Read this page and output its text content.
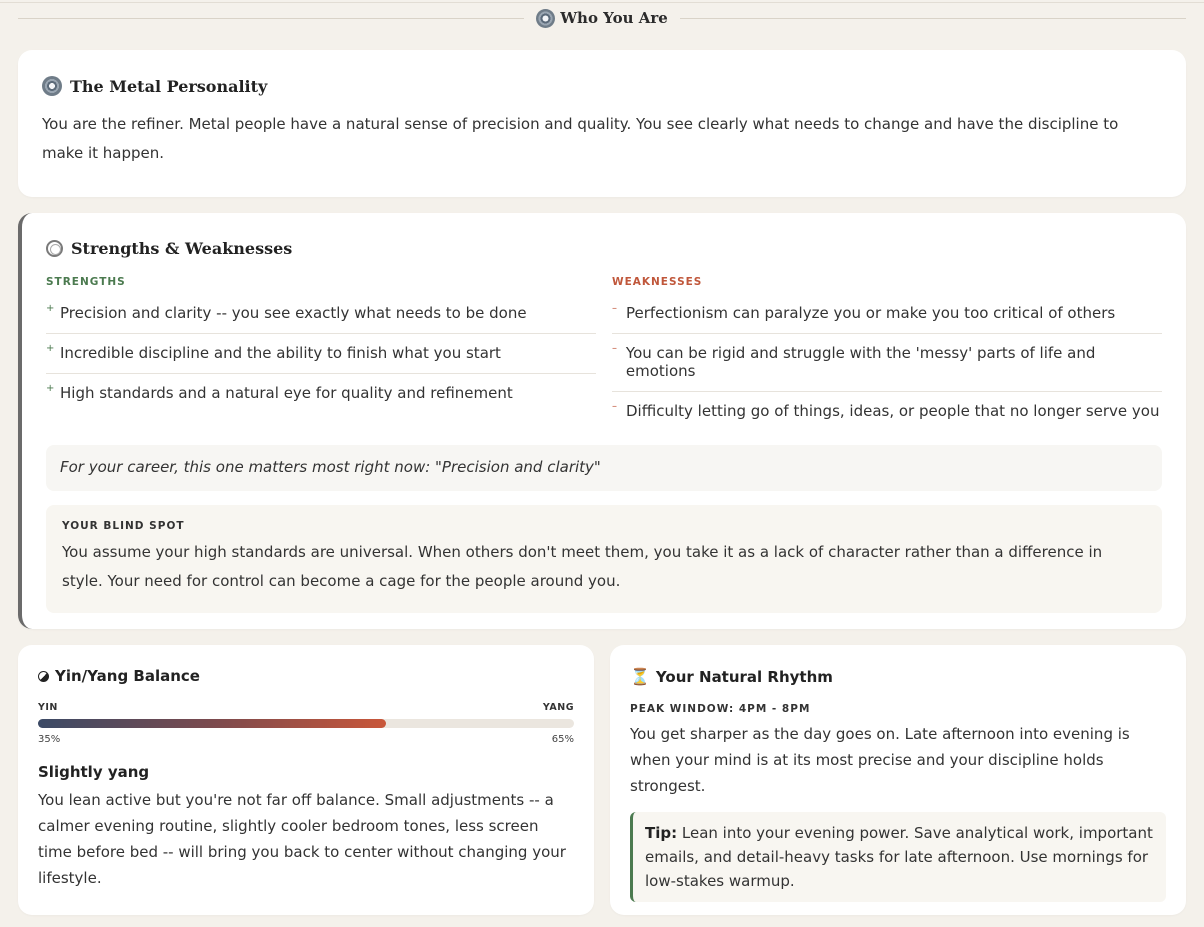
Who You Are
The Metal Personality

You are the refiner. Metal people have a natural sense of precision and quality. You see clearly what needs to change and have the discipline to make it happen.

Strengths & Weaknesses
STRENGTHS
+ Precision and clarity -- you see exactly what needs to be done
+ Incredible discipline and the ability to finish what you start
+ High standards and a natural eye for quality and refinement
WEAKNESSES
– Perfectionism can paralyze you or make you too critical of others
– You can be rigid and struggle with the 'messy' parts of life and emotions
– Difficulty letting go of things, ideas, or people that no longer serve you
For your career, this one matters most right now: "Precision and clarity"
YOUR BLIND SPOT

You assume your high standards are universal. When others don't meet them, you take it as a lack of character rather than a difference in style. Your need for control can become a cage for the people around you.

Yin/Yang Balance
YIN	YANG
35%	65%
Slightly yang

You lean active but you're not far off balance. Small adjustments -- a calmer evening routine, slightly cooler bedroom tones, less screen time before bed -- will bring you back to center without changing your lifestyle.

⏳ Your Natural Rhythm
PEAK WINDOW: 4PM - 8PM

You get sharper as the day goes on. Late afternoon into evening is when your mind is at its most precise and your discipline holds strongest.

Tip: Lean into your evening power. Save analytical work, important emails, and detail-heavy tasks for late afternoon. Use mornings for low-stakes warmup.
